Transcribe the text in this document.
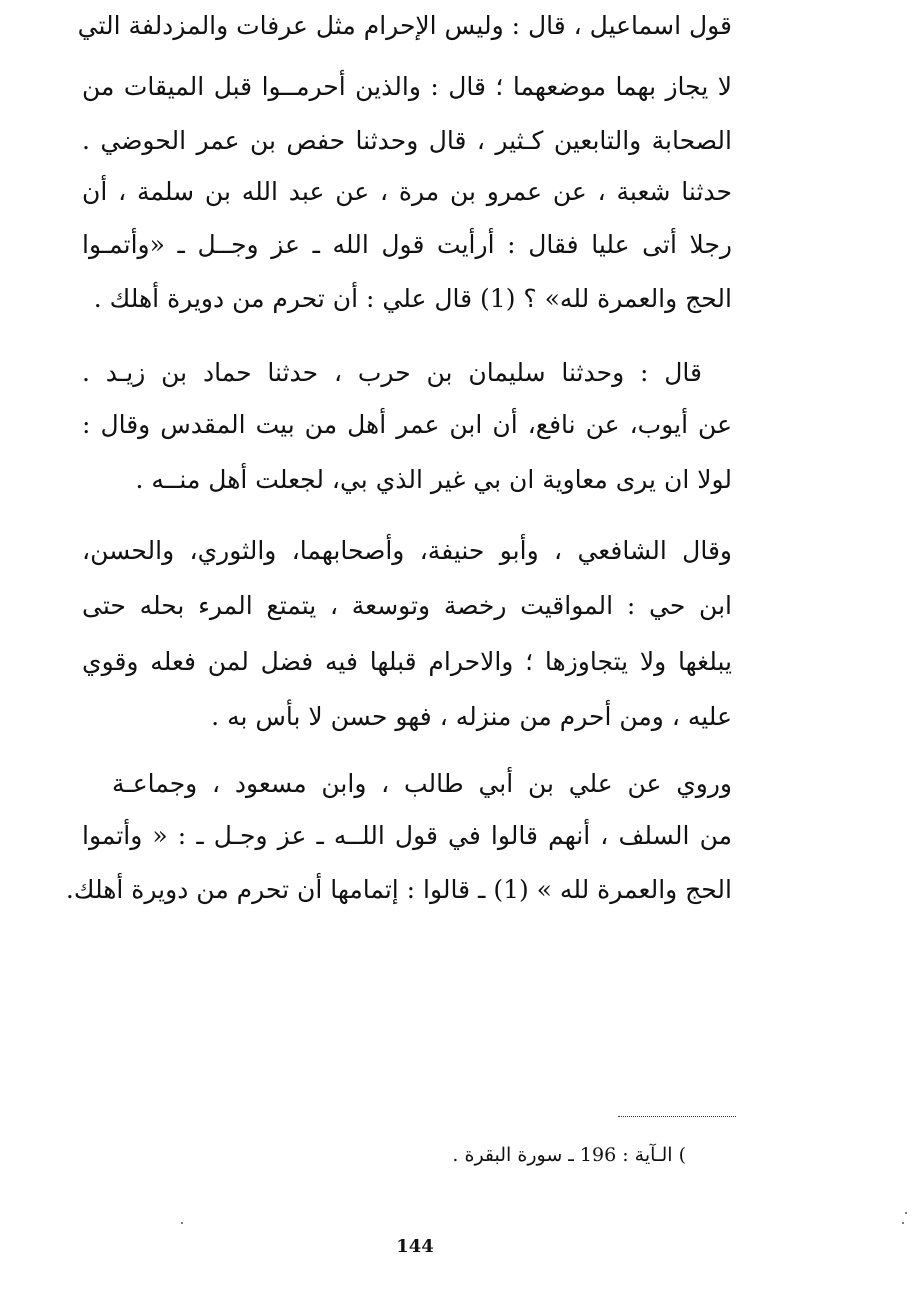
قول اسماعيل ، قال : وليس الإحرام مثل عرفات والمزدلفة التي
لا يجاز بهما موضعهما ؛ قال : والذين أحرمــوا قبل الميقات من
الصحابة والتابعين كـثير ، قال وحدثنا حفص بن عمر الحوضي .
حدثنا شعبة ، عن عمرو بن مرة ، عن عبد الله بن سلمة ، أن
رجلا أتى عليا فقال : أرأيت قول الله ـ عز وجــل ـ «وأتمـوا
الحج والعمرة لله» ؟ (1) قال علي : أن تحرم من دويرة أهلك .
قال : وحدثنا سليمان بن حرب ، حدثنا حماد بن زيـد .
عن أيوب، عن نافع، أن ابن عمر أهل من بيت المقدس وقال :
لولا ان يرى معاوية ان بي غير الذي بي، لجعلت أهل منــه .
وقال الشافعي ، وأبو حنيفة، وأصحابهما، والثوري، والحسن،
ابن حي : المواقيت رخصة وتوسعة ، يتمتع المرء بحله حتى
يبلغها ولا يتجاوزها ؛ والاحرام قبلها فيه فضل لمن فعله وقوي
عليه ، ومن أحرم من منزله ، فهو حسن لا بأس به .
وروي عن علي بن أبي طالب ، وابن مسعود ، وجماعـة
من السلف ، أنهم قالوا في قول اللــه ـ عز وجـل ـ : « وأتموا
الحج والعمرة لله » (1) ـ قالوا : إتمامها أن تحرم من دويرة أهلك.
) الـآية : 196 ـ سورة البقرة .
144
